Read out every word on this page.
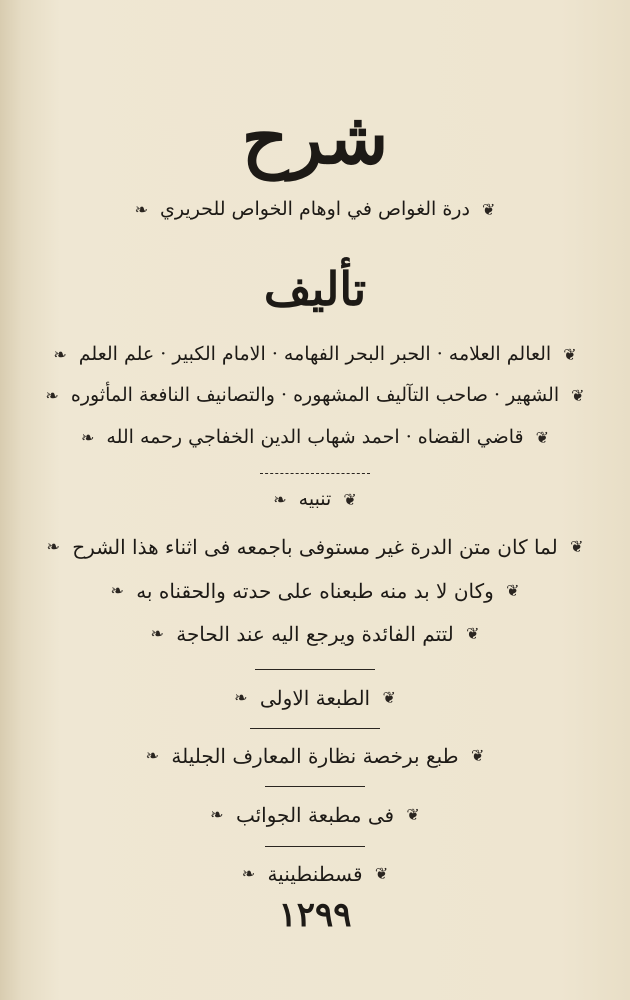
شرح
❦ درة الغواص في اوهام الخواص للحريري ❧
تأليف
❦ العالم العلامه · الحبر البحر الفهامه · الامام الكبير · علم العلم ❧
❦ الشهير · صاحب التآليف المشهوره · والتصانيف النافعة المأثوره ❧
❦ قاضي القضاه · احمد شهاب الدين الخفاجي رحمه الله ❧
❦ تنبيه ❧
❦ لما كان متن الدرة غير مستوفى باجمعه فى اثناء هذا الشرح ❧
❦ وكان لا بد منه طبعناه على حدته والحقناه به ❧
❦ لتتم الفائدة ويرجع اليه عند الحاجة ❧
❦ الطبعة الاولى ❧
❦ طبع برخصة نظارة المعارف الجليلة ❧
❦ فى مطبعة الجوائب ❧
❦ قسطنطينية ❧
١٢٩٩
